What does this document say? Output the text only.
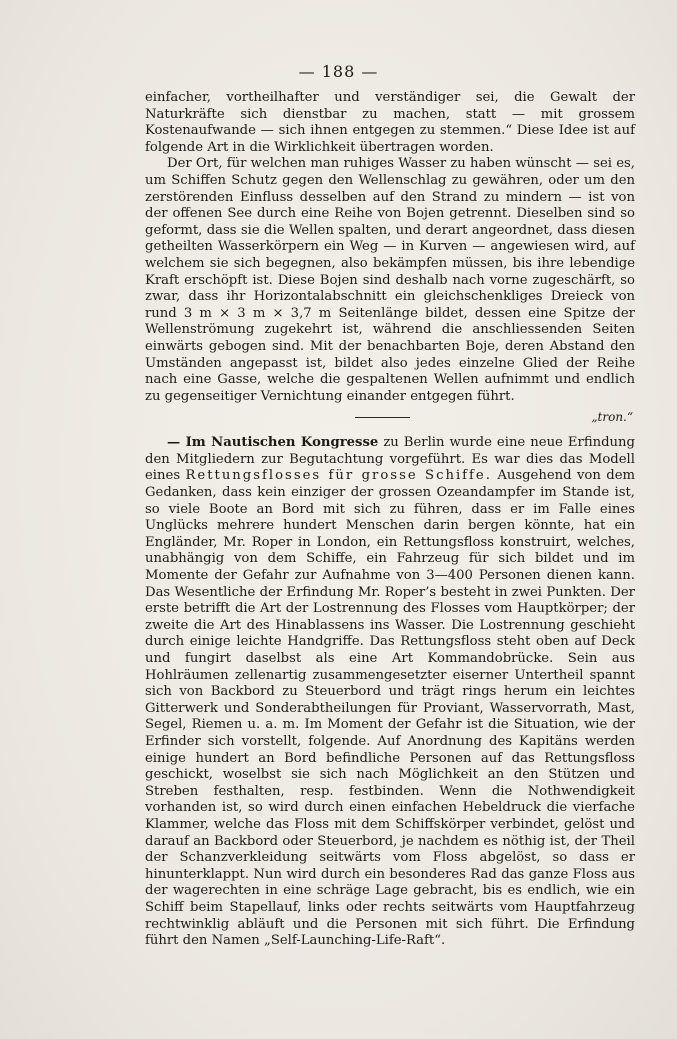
— 188 —

einfacher, vortheilhafter und verständiger sei, die Gewalt der Naturkräfte sich dienstbar zu machen, statt — mit grossem Kostenaufwande — sich ihnen entgegen zu stemmen.“ Diese Idee ist auf folgende Art in die Wirklichkeit übertragen worden.

Der Ort, für welchen man ruhiges Wasser zu haben wünscht — sei es, um Schiffen Schutz gegen den Wellenschlag zu gewähren, oder um den zerstörenden Einfluss desselben auf den Strand zu mindern — ist von der offenen See durch eine Reihe von Bojen getrennt. Dieselben sind so geformt, dass sie die Wellen spalten, und derart angeordnet, dass diesen getheilten Wasserkörpern ein Weg — in Kurven — angewiesen wird, auf welchem sie sich begegnen, also bekämpfen müssen, bis ihre lebendige Kraft erschöpft ist. Diese Bojen sind deshalb nach vorne zugeschärft, so zwar, dass ihr Horizontalabschnitt ein gleichschenkliges Dreieck von rund 3 m × 3 m × 3,7 m Seitenlänge bildet, dessen eine Spitze der Wellenströmung zugekehrt ist, während die anschliessenden Seiten einwärts gebogen sind. Mit der benachbarten Boje, deren Abstand den Umständen angepasst ist, bildet also jedes einzelne Glied der Reihe nach eine Gasse, welche die gespaltenen Wellen aufnimmt und endlich zu gegenseitiger Vernichtung einander entgegen führt.

„tron.“

— Im Nautischen Kongresse zu Berlin wurde eine neue Erfindung den Mitgliedern zur Begutachtung vorgeführt. Es war dies das Modell eines Rettungsflosses für grosse Schiffe. Ausgehend von dem Gedanken, dass kein einziger der grossen Ozeandampfer im Stande ist, so viele Boote an Bord mit sich zu führen, dass er im Falle eines Unglücks mehrere hundert Menschen darin bergen könnte, hat ein Engländer, Mr. Roper in London, ein Rettungsfloss konstruirt, welches, unabhängig von dem Schiffe, ein Fahrzeug für sich bildet und im Momente der Gefahr zur Aufnahme von 3—400 Personen dienen kann. Das Wesentliche der Erfindung Mr. Roper’s besteht in zwei Punkten. Der erste betrifft die Art der Lostrennung des Flosses vom Hauptkörper; der zweite die Art des Hinablassens ins Wasser. Die Lostrennung geschieht durch einige leichte Handgriffe. Das Rettungsfloss steht oben auf Deck und fungirt daselbst als eine Art Kommandobrücke. Sein aus Hohlräumen zellenartig zusammengesetzter eiserner Untertheil spannt sich von Backbord zu Steuerbord und trägt rings herum ein leichtes Gitterwerk und Sonderabtheilungen für Proviant, Wasservorrath, Mast, Segel, Riemen u. a. m. Im Moment der Gefahr ist die Situation, wie der Erfinder sich vorstellt, folgende. Auf Anordnung des Kapitäns werden einige hundert an Bord befindliche Personen auf das Rettungsfloss geschickt, woselbst sie sich nach Möglichkeit an den Stützen und Streben festhalten, resp. festbinden. Wenn die Nothwendigkeit vorhanden ist, so wird durch einen einfachen Hebeldruck die vierfache Klammer, welche das Floss mit dem Schiffskörper verbindet, gelöst und darauf an Backbord oder Steuerbord, je nachdem es nöthig ist, der Theil der Schanzverkleidung seitwärts vom Floss abgelöst, so dass er hinunterklappt. Nun wird durch ein besonderes Rad das ganze Floss aus der wagerechten in eine schräge Lage gebracht, bis es endlich, wie ein Schiff beim Stapellauf, links oder rechts seitwärts vom Hauptfahrzeug rechtwinklig abläuft und die Personen mit sich führt. Die Erfindung führt den Namen „Self-Launching-Life-Raft“.
